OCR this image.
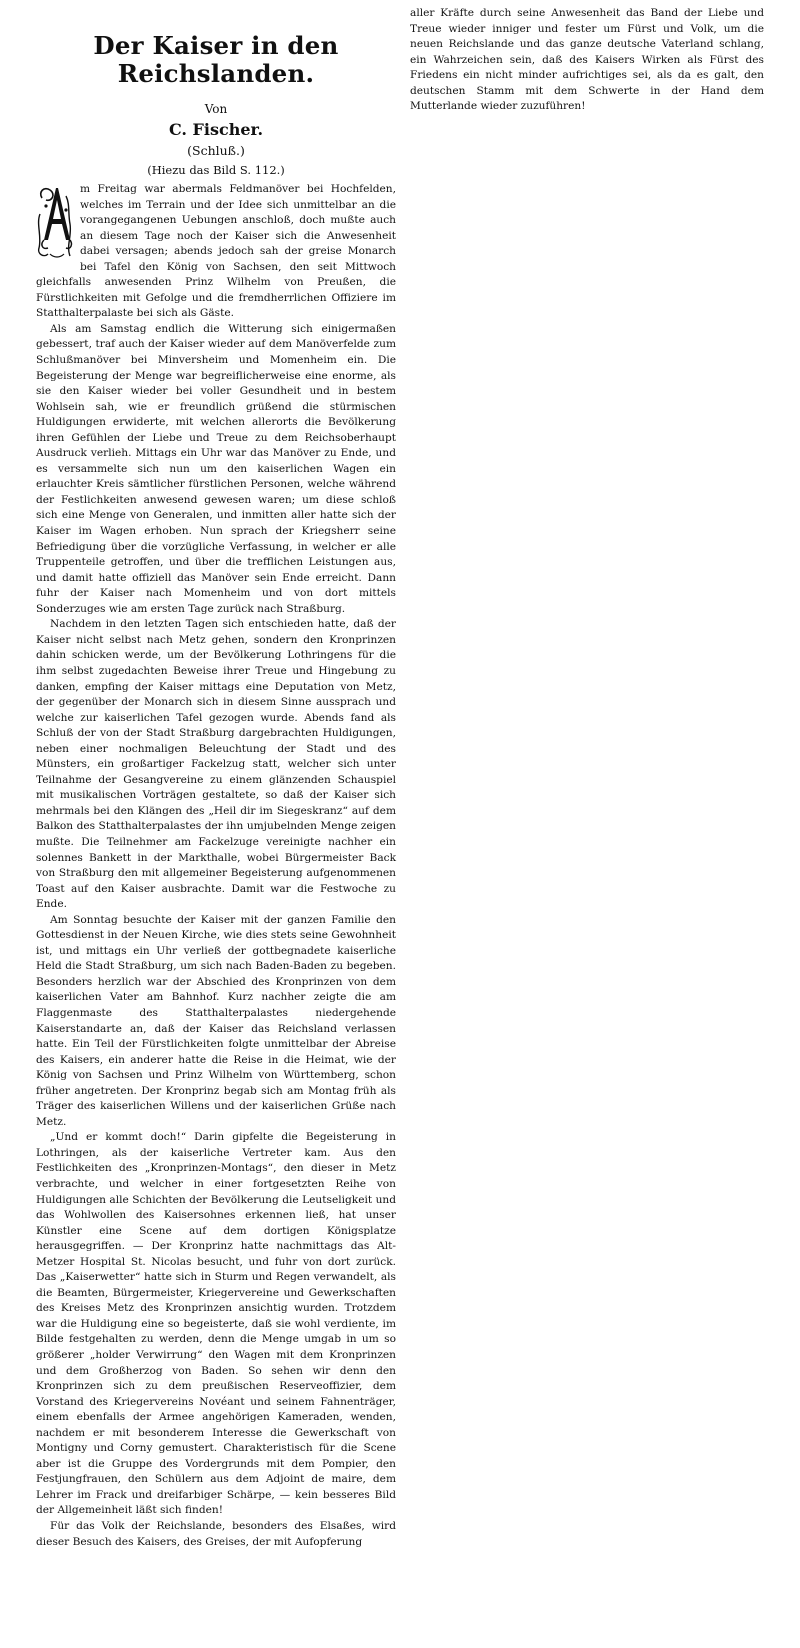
Der Kaiser in den Reichslanden.
Von
C. Fischer.
(Schluß.)
(Hiezu das Bild S. 112.)

m Freitag war abermals Feldmanöver bei Hochfelden, welches im Terrain und der Idee sich unmittelbar an die vorangegangenen Uebungen anschloß, doch mußte auch an diesem Tage noch der Kaiser sich die Anwesenheit dabei versagen; abends jedoch sah der greise Monarch bei Tafel den König von Sachsen, den seit Mittwoch gleichfalls anwesenden Prinz Wilhelm von Preußen, die Fürstlichkeiten mit Gefolge und die fremdherrlichen Offiziere im Statthalterpalaste bei sich als Gäste.

Als am Samstag endlich die Witterung sich einigermaßen gebessert, traf auch der Kaiser wieder auf dem Manöverfelde zum Schlußmanöver bei Minversheim und Momenheim ein. Die Begeisterung der Menge war begreiflicherweise eine enorme, als sie den Kaiser wieder bei voller Gesundheit und in bestem Wohlsein sah, wie er freundlich grüßend die stürmischen Huldigungen erwiderte, mit welchen allerorts die Bevölkerung ihren Gefühlen der Liebe und Treue zu dem Reichsoberhaupt Ausdruck verlieh. Mittags ein Uhr war das Manöver zu Ende, und es versammelte sich nun um den kaiserlichen Wagen ein erlauchter Kreis sämtlicher fürstlichen Personen, welche während der Festlichkeiten anwesend gewesen waren; um diese schloß sich eine Menge von Generalen, und inmitten aller hatte sich der Kaiser im Wagen erhoben. Nun sprach der Kriegsherr seine Befriedigung über die vorzügliche Verfassung, in welcher er alle Truppenteile getroffen, und über die trefflichen Leistungen aus, und damit hatte offiziell das Manöver sein Ende erreicht. Dann fuhr der Kaiser nach Momenheim und von dort mittels Sonderzuges wie am ersten Tage zurück nach Straßburg.

Nachdem in den letzten Tagen sich entschieden hatte, daß der Kaiser nicht selbst nach Metz gehen, sondern den Kronprinzen dahin schicken werde, um der Bevölkerung Lothringens für die ihm selbst zugedachten Beweise ihrer Treue und Hingebung zu danken, empfing der Kaiser mittags eine Deputation von Metz, der gegenüber der Monarch sich in diesem Sinne aussprach und welche zur kaiserlichen Tafel gezogen wurde. Abends fand als Schluß der von der Stadt Straßburg dargebrachten Huldigungen, neben einer nochmaligen Beleuchtung der Stadt und des Münsters, ein großartiger Fackelzug statt, welcher sich unter Teilnahme der Gesangvereine zu einem glänzenden Schauspiel mit musikalischen Vorträgen gestaltete, so daß der Kaiser sich mehrmals bei den Klängen des „Heil dir im Siegeskranz“ auf dem Balkon des Statthalterpalastes der ihn umjubelnden Menge zeigen mußte. Die Teilnehmer am Fackelzuge vereinigte nachher ein solennes Bankett in der Markthalle, wobei Bürgermeister Back von Straßburg den mit allgemeiner Begeisterung aufgenommenen Toast auf den Kaiser ausbrachte. Damit war die Festwoche zu Ende.

Am Sonntag besuchte der Kaiser mit der ganzen Familie den Gottesdienst in der Neuen Kirche, wie dies stets seine Gewohnheit ist, und mittags ein Uhr verließ der gottbegnadete kaiserliche Held die Stadt Straßburg, um sich nach Baden-Baden zu begeben. Besonders herzlich war der Abschied des Kronprinzen von dem kaiserlichen Vater am Bahnhof. Kurz nachher zeigte die am Flaggenmaste des Statthalterpalastes niedergehende Kaiserstandarte an, daß der Kaiser das Reichsland verlassen hatte. Ein Teil der Fürstlichkeiten folgte unmittelbar der Abreise des Kaisers, ein anderer hatte die Reise in die Heimat, wie der König von Sachsen und Prinz Wilhelm von Württemberg, schon früher angetreten. Der Kronprinz begab sich am Montag früh als Träger des kaiserlichen Willens und der kaiserlichen Grüße nach Metz.

„Und er kommt doch!“ Darin gipfelte die Begeisterung in Lothringen, als der kaiserliche Vertreter kam. Aus den Festlichkeiten des „Kronprinzen-Montags“, den dieser in Metz verbrachte, und welcher in einer fortgesetzten Reihe von Huldigungen alle Schichten der Bevölkerung die Leutseligkeit und das Wohlwollen des Kaisersohnes erkennen ließ, hat unser Künstler eine Scene auf dem dortigen Königsplatze herausgegriffen. — Der Kronprinz hatte nachmittags das Alt-Metzer Hospital St. Nicolas besucht, und fuhr von dort zurück. Das „Kaiserwetter“ hatte sich in Sturm und Regen verwandelt, als die Beamten, Bürgermeister, Kriegervereine und Gewerkschaften des Kreises Metz des Kronprinzen ansichtig wurden. Trotzdem war die Huldigung eine so begeisterte, daß sie wohl verdiente, im Bilde festgehalten zu werden, denn die Menge umgab in um so größerer „holder Verwirrung“ den Wagen mit dem Kronprinzen und dem Großherzog von Baden. So sehen wir denn den Kronprinzen sich zu dem preußischen Reserveoffizier, dem Vorstand des Kriegervereins Novéant und seinem Fahnenträger, einem ebenfalls der Armee angehörigen Kameraden, wenden, nachdem er mit besonderem Interesse die Gewerkschaft von Montigny und Corny gemustert. Charakteristisch für die Scene aber ist die Gruppe des Vordergrunds mit dem Pompier, den Festjungfrauen, den Schülern aus dem Adjoint de maire, dem Lehrer im Frack und dreifarbiger Schärpe, — kein besseres Bild der Allgemeinheit läßt sich finden!

Für das Volk der Reichslande, besonders des Elsaßes, wird dieser Besuch des Kaisers, des Greises, der mit Aufopferung

aller Kräfte durch seine Anwesenheit das Band der Liebe und Treue wieder inniger und fester um Fürst und Volk, um die neuen Reichslande und das ganze deutsche Vaterland schlang, ein Wahrzeichen sein, daß des Kaisers Wirken als Fürst des Friedens ein nicht minder aufrichtiges sei, als da es galt, den deutschen Stamm mit dem Schwerte in der Hand dem Mutterlande wieder zuzuführen!
